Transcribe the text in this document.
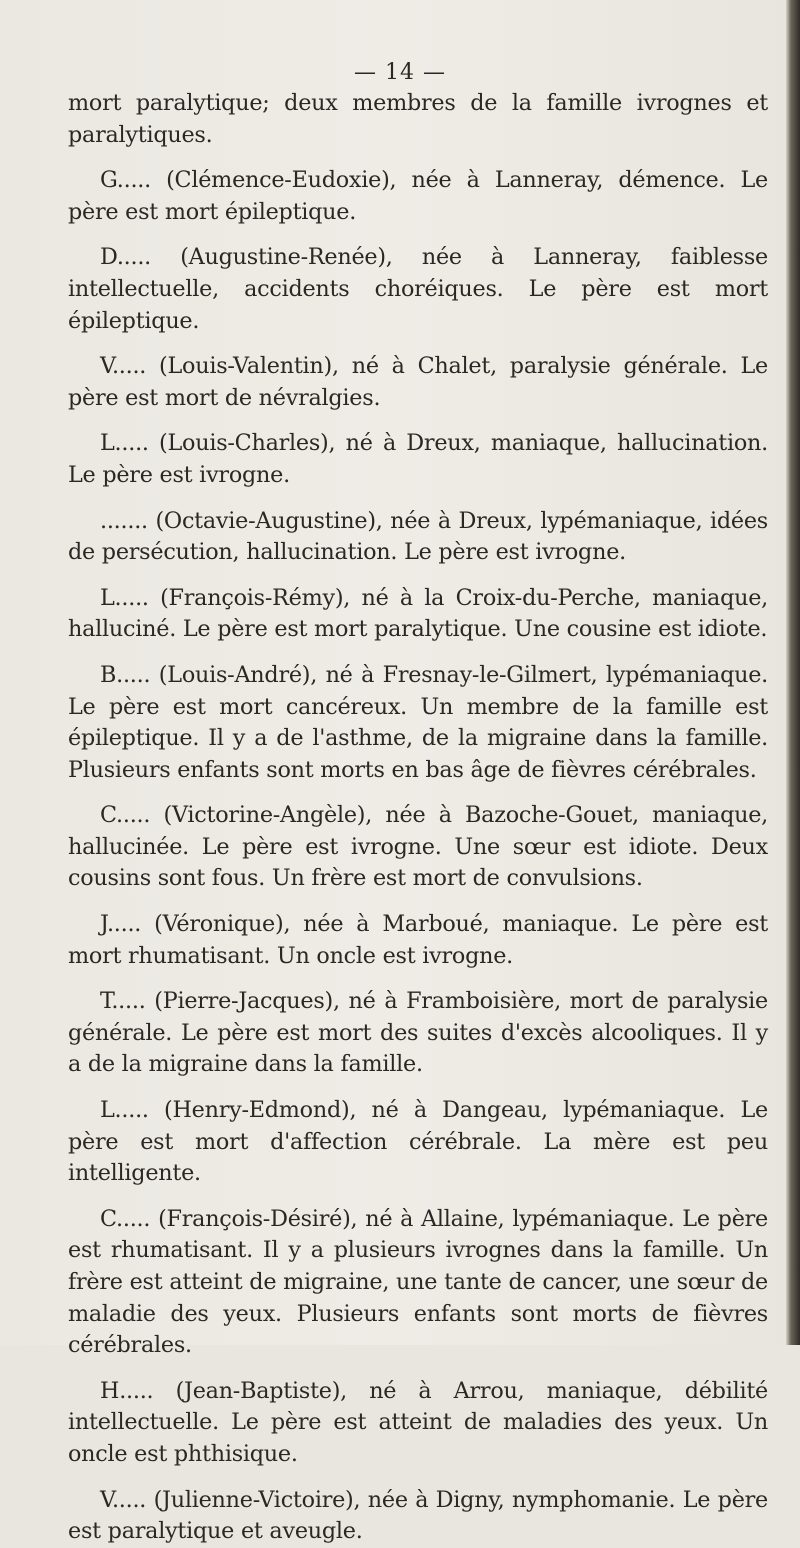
— 14 —

mort paralytique; deux membres de la famille ivrognes et paralytiques.

G..... (Clémence-Eudoxie), née à Lanneray, démence. Le père est mort épileptique.

D..... (Augustine-Renée), née à Lanneray, faiblesse intellectuelle, accidents choréiques. Le père est mort épileptique.

V..... (Louis-Valentin), né à Chalet, paralysie générale. Le père est mort de névralgies.

L..... (Louis-Charles), né à Dreux, maniaque, hallucination. Le père est ivrogne.

....... (Octavie-Augustine), née à Dreux, lypémaniaque, idées de persécution, hallucination. Le père est ivrogne.

L..... (François-Rémy), né à la Croix-du-Perche, maniaque, halluciné. Le père est mort paralytique. Une cousine est idiote.

B..... (Louis-André), né à Fresnay-le-Gilmert, lypémaniaque. Le père est mort cancéreux. Un membre de la famille est épileptique. Il y a de l'asthme, de la migraine dans la famille. Plusieurs enfants sont morts en bas âge de fièvres cérébrales.

C..... (Victorine-Angèle), née à Bazoche-Gouet, maniaque, hallucinée. Le père est ivrogne. Une sœur est idiote. Deux cousins sont fous. Un frère est mort de convulsions.

J..... (Véronique), née à Marboué, maniaque. Le père est mort rhumatisant. Un oncle est ivrogne.

T..... (Pierre-Jacques), né à Framboisière, mort de paralysie générale. Le père est mort des suites d'excès alcooliques. Il y a de la migraine dans la famille.

L..... (Henry-Edmond), né à Dangeau, lypémaniaque. Le père est mort d'affection cérébrale. La mère est peu intelligente.

C..... (François-Désiré), né à Allaine, lypémaniaque. Le père est rhumatisant. Il y a plusieurs ivrognes dans la famille. Un frère est atteint de migraine, une tante de cancer, une sœur de maladie des yeux. Plusieurs enfants sont morts de fièvres cérébrales.

H..... (Jean-Baptiste), né à Arrou, maniaque, débilité intellectuelle. Le père est atteint de maladies des yeux. Un oncle est phthisique.

V..... (Julienne-Victoire), née à Digny, nymphomanie. Le père est paralytique et aveugle.
